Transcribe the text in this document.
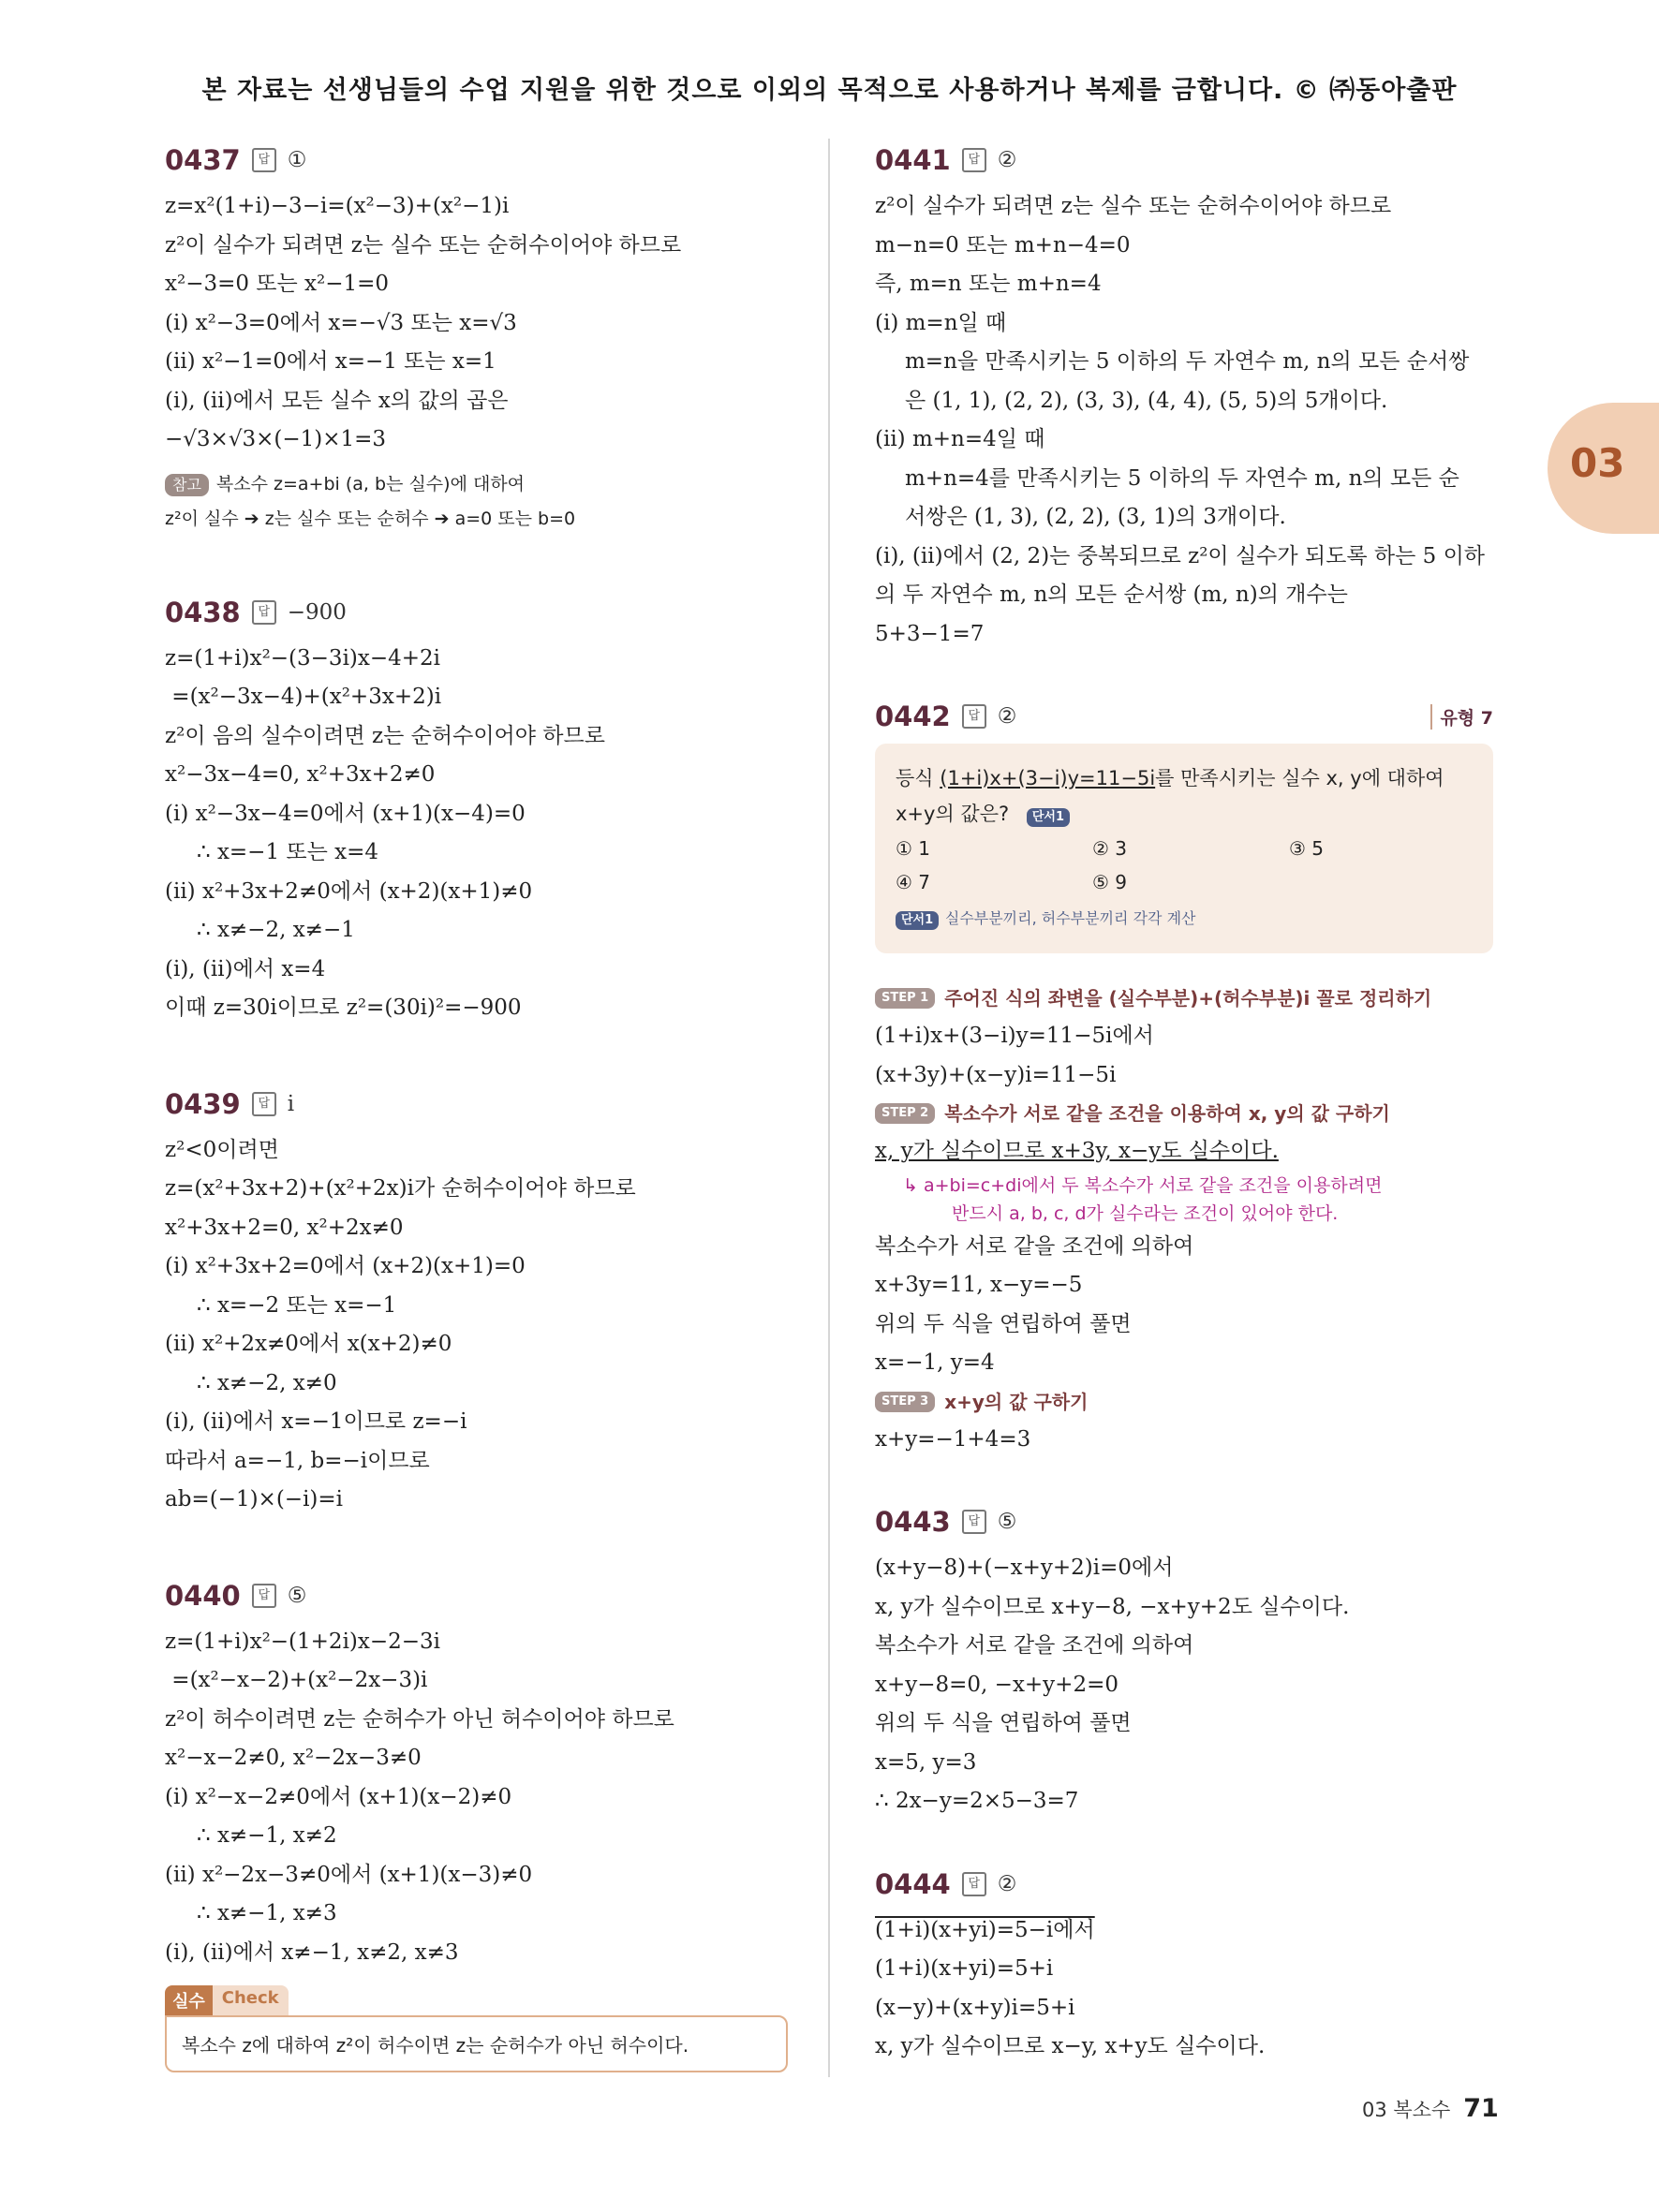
본 자료는 선생님들의 수업 지원을 위한 것으로 이외의 목적으로 사용하거나 복제를 금합니다. © ㈜동아출판
03
0437	답 ①
z=x²(1+i)−3−i=(x²−3)+(x²−1)i
z²이 실수가 되려면 z는 실수 또는 순허수이어야 하므로
x²−3=0 또는 x²−1=0
(ⅰ) x²−3=0에서 x=−√3 또는 x=√3
(ⅱ) x²−1=0에서 x=−1 또는 x=1
(ⅰ), (ⅱ)에서 모든 실수 x의 값의 곱은
−√3×√3×(−1)×1=3
참고 복소수 z=a+bi (a, b는 실수)에 대하여
z²이 실수 ➔ z는 실수 또는 순허수 ➔ a=0 또는 b=0
0438	답 −900
z=(1+i)x²−(3−3i)x−4+2i
=(x²−3x−4)+(x²+3x+2)i
z²이 음의 실수이려면 z는 순허수이어야 하므로
x²−3x−4=0, x²+3x+2≠0
(ⅰ) x²−3x−4=0에서 (x+1)(x−4)=0
∴ x=−1 또는 x=4
(ⅱ) x²+3x+2≠0에서 (x+2)(x+1)≠0
∴ x≠−2, x≠−1
(ⅰ), (ⅱ)에서 x=4
이때 z=30i이므로 z²=(30i)²=−900
0439	답 i
z²<0이려면
z=(x²+3x+2)+(x²+2x)i가 순허수이어야 하므로
x²+3x+2=0, x²+2x≠0
(ⅰ) x²+3x+2=0에서 (x+2)(x+1)=0
∴ x=−2 또는 x=−1
(ⅱ) x²+2x≠0에서 x(x+2)≠0
∴ x≠−2, x≠0
(ⅰ), (ⅱ)에서 x=−1이므로 z=−i
따라서 a=−1, b=−i이므로
ab=(−1)×(−i)=i
0440	답 ⑤
z=(1+i)x²−(1+2i)x−2−3i
=(x²−x−2)+(x²−2x−3)i
z²이 허수이려면 z는 순허수가 아닌 허수이어야 하므로
x²−x−2≠0, x²−2x−3≠0
(ⅰ) x²−x−2≠0에서 (x+1)(x−2)≠0
∴ x≠−1, x≠2
(ⅱ) x²−2x−3≠0에서 (x+1)(x−3)≠0
∴ x≠−1, x≠3
(ⅰ), (ⅱ)에서 x≠−1, x≠2, x≠3
실수	Check
복소수 z에 대하여 z²이 허수이면 z는 순허수가 아닌 허수이다.
0441	답 ②
z²이 실수가 되려면 z는 실수 또는 순허수이어야 하므로
m−n=0 또는 m+n−4=0
즉, m=n 또는 m+n=4
(ⅰ) m=n일 때
m=n을 만족시키는 5 이하의 두 자연수 m, n의 모든 순서쌍
은 (1, 1), (2, 2), (3, 3), (4, 4), (5, 5)의 5개이다.
(ⅱ) m+n=4일 때
m+n=4를 만족시키는 5 이하의 두 자연수 m, n의 모든 순
서쌍은 (1, 3), (2, 2), (3, 1)의 3개이다.
(ⅰ), (ⅱ)에서 (2, 2)는 중복되므로 z²이 실수가 되도록 하는 5 이하
의 두 자연수 m, n의 모든 순서쌍 (m, n)의 개수는
5+3−1=7
0442	답 ②	유형 7
등식 (1+i)x+(3−i)y=11−5i를 만족시키는 실수 x, y에 대하여
x+y의 값은? 단서1
① 1	② 3	③ 5
④ 7	⑤ 9
단서1 실수부분끼리, 허수부분끼리 각각 계산
STEP 1 주어진 식의 좌변을 (실수부분)+(허수부분)i 꼴로 정리하기
(1+i)x+(3−i)y=11−5i에서
(x+3y)+(x−y)i=11−5i
STEP 2 복소수가 서로 같을 조건을 이용하여 x, y의 값 구하기
x, y가 실수이므로 x+3y, x−y도 실수이다.
↳ a+bi=c+di에서 두 복소수가 서로 같을 조건을 이용하려면
반드시 a, b, c, d가 실수라는 조건이 있어야 한다.
복소수가 서로 같을 조건에 의하여
x+3y=11, x−y=−5
위의 두 식을 연립하여 풀면
x=−1, y=4
STEP 3 x+y의 값 구하기
x+y=−1+4=3
0443	답 ⑤
(x+y−8)+(−x+y+2)i=0에서
x, y가 실수이므로 x+y−8, −x+y+2도 실수이다.
복소수가 서로 같을 조건에 의하여
x+y−8=0, −x+y+2=0
위의 두 식을 연립하여 풀면
x=5, y=3
∴ 2x−y=2×5−3=7
0444	답 ②
(1+i)(x+yi)=5−i에서
(1+i)(x+yi)=5+i
(x−y)+(x+y)i=5+i
x, y가 실수이므로 x−y, x+y도 실수이다.
03 복소수 71
